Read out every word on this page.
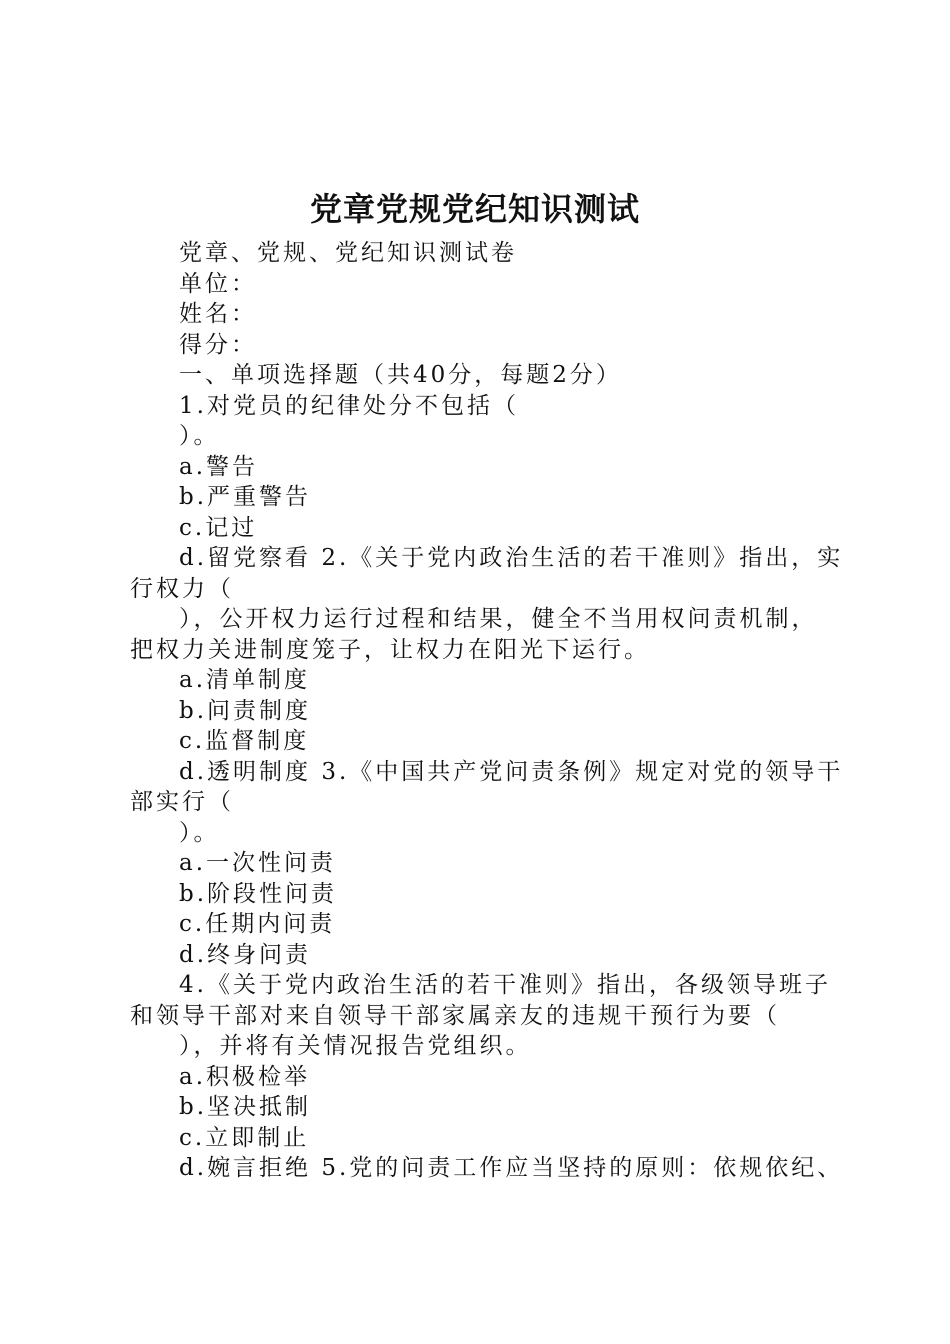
党章党规党纪知识测试
党章、党规、党纪知识测试卷
单位：
姓名：
得分：
一、单项选择题（共40分，每题2分）
1.对党员的纪律处分不包括（
）。
a.警告
b.严重警告
c.记过
d.留党察看 2.《关于党内政治生活的若干准则》指出，实
行权力（
），公开权力运行过程和结果，健全不当用权问责机制，
把权力关进制度笼子，让权力在阳光下运行。
a.清单制度
b.问责制度
c.监督制度
d.透明制度 3.《中国共产党问责条例》规定对党的领导干
部实行（
）。
a.一次性问责
b.阶段性问责
c.任期内问责
d.终身问责
4.《关于党内政治生活的若干准则》指出，各级领导班子
和领导干部对来自领导干部家属亲友的违规干预行为要（
），并将有关情况报告党组织。
a.积极检举
b.坚决抵制
c.立即制止
d.婉言拒绝 5.党的问责工作应当坚持的原则：依规依纪、
